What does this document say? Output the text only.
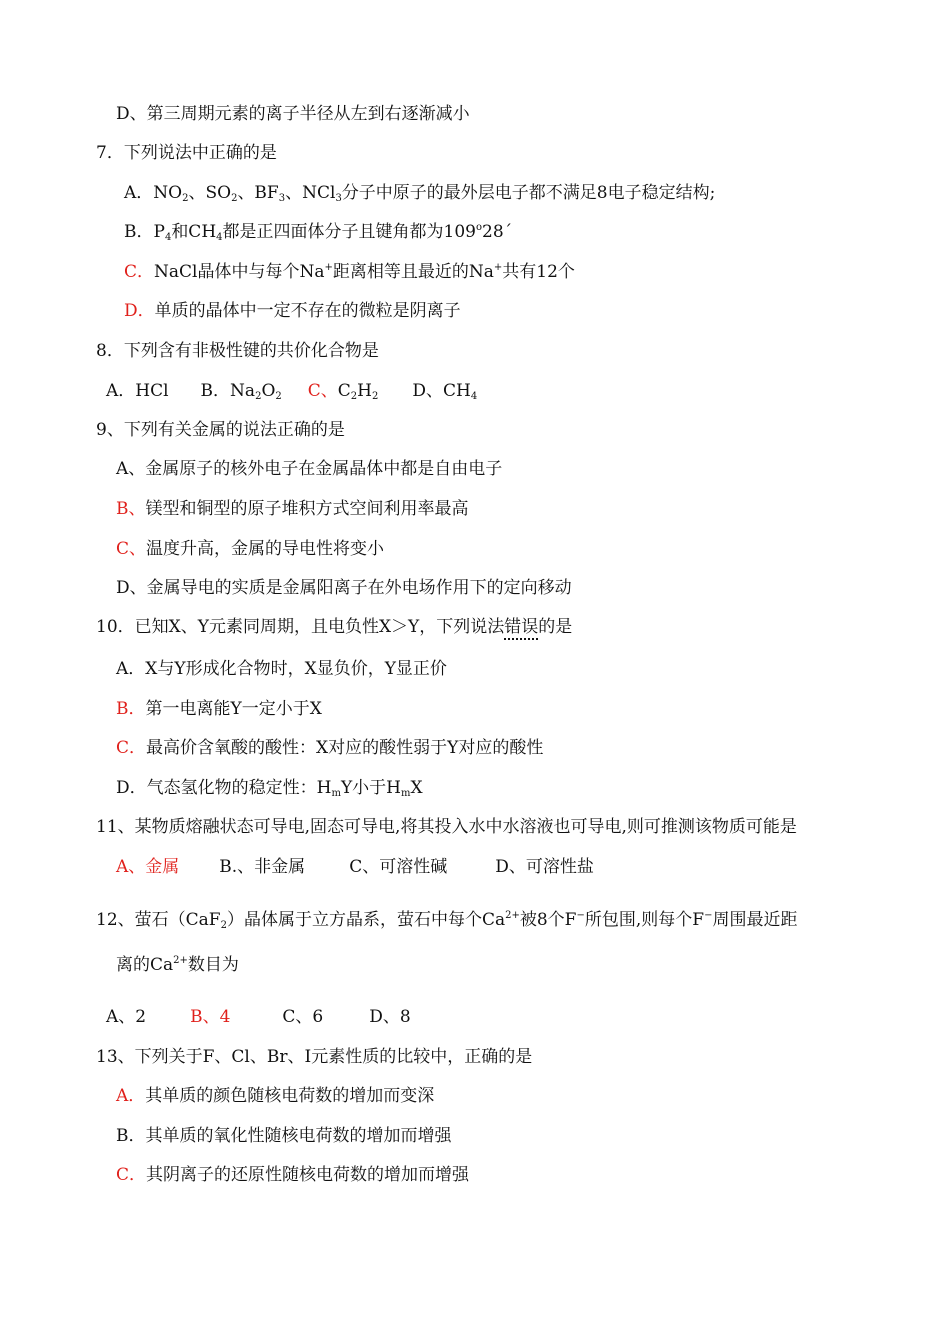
D、第三周期元素的离子半径从左到右逐渐减小
7．下列说法中正确的是
A．$NO_2$、$SO_2$、$BF_3$、NCl$_3$分子中原子的最外层电子都不满足8电子稳定结构;
B．$P_4$和$CH_4$都是正四面体分子且键角都为109$^o$28´
C．NaCl晶体中与每个Na+距离相等且最近的Na+共有12个
D．单质的晶体中一定不存在的微粒是阴离子
8．下列含有非极性键的共价化合物是
A．HCl B．$Na_2O_2$ C、$C_2H_2$ D、$CH_4$
9、下列有关金属的说法正确的是
A、金属原子的核外电子在金属晶体中都是自由电子
B、镁型和铜型的原子堆积方式空间利用率最高
C、温度升高，金属的导电性将变小
D、金属导电的实质是金属阳离子在外电场作用下的定向移动
10．已知X、Y元素同周期，且电负性X＞Y，下列说法错误的是
A．X与Y形成化合物时，X显负价，Y显正价
B．第一电离能Y一定小于X
C．最高价含氧酸的酸性：X对应的酸性弱于Y对应的酸性
D．气态氢化物的稳定性：$H_mY$小于$H_mX$
11、某物质熔融状态可导电,固态可导电,将其投入水中水溶液也可导电,则可推测该物质可能是
A、金属 B.、非金属	C、可溶性碱	D、可溶性盐
12、萤石（CaF$_2$）晶体属于立方晶系，萤石中每个$Ca^{2+}$被8个F−所包围,则每个F−周围最近距
离的$Ca^{2+}$数目为
A、2	B、4	C、6	D、8
13、下列关于F、Cl、Br、I元素性质的比较中，正确的是
A．其单质的颜色随核电荷数的增加而变深
B．其单质的氧化性随核电荷数的增加而增强
C．其阴离子的还原性随核电荷数的增加而增强
